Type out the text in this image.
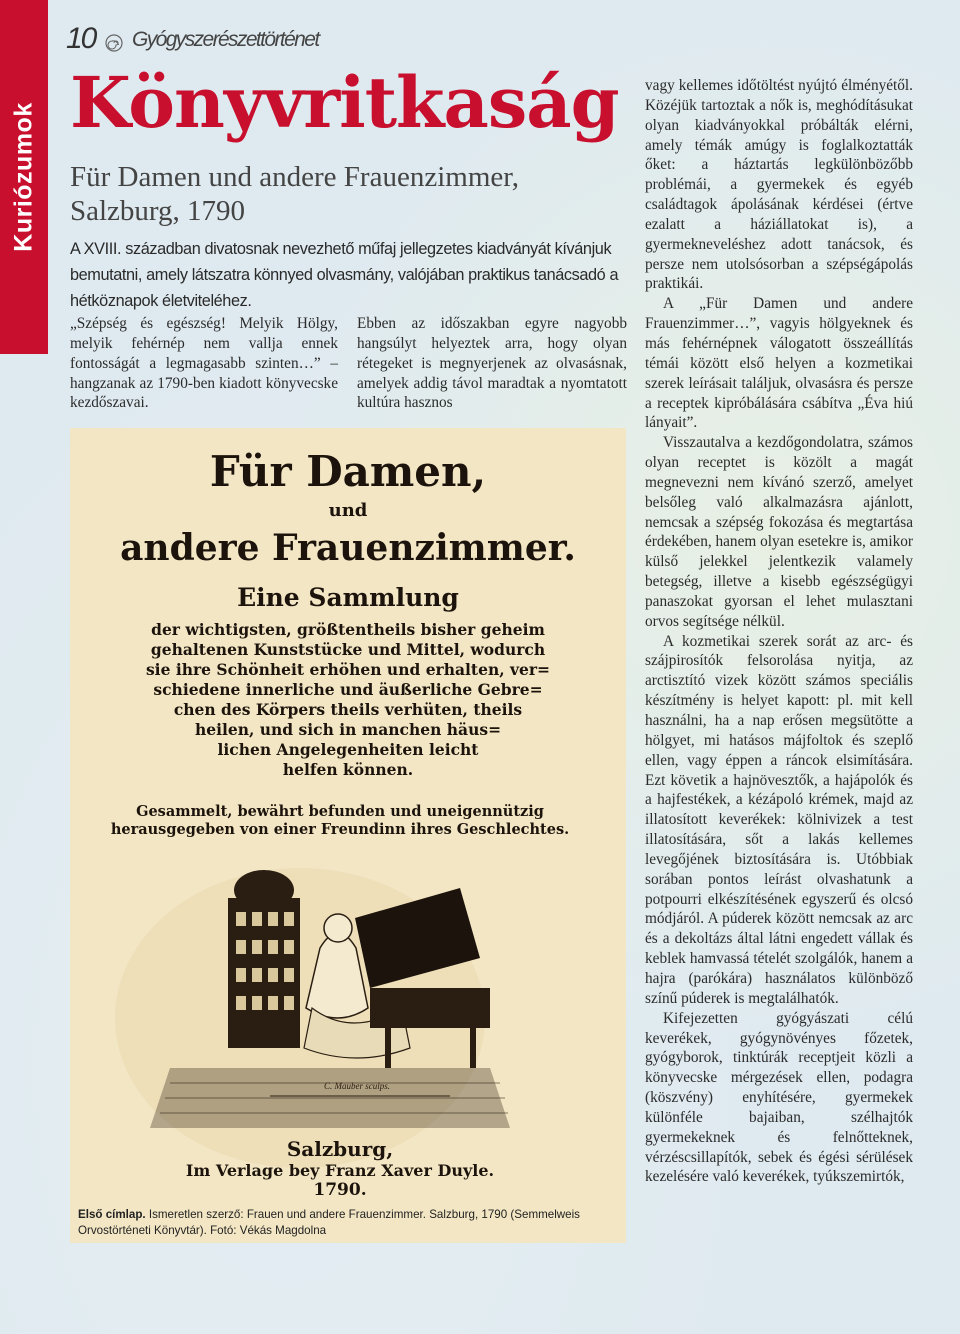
Kuriózumok
10 Gyógyszerészettörténet
Könyvritkaság
Für Damen und andere Frauenzimmer,
Salzburg, 1790
A XVIII. században divatosnak nevezhető műfaj jellegzetes kiadványát kívánjuk bemutatni, amely látszatra könnyed olvasmány, valójában praktikus tanácsadó a hétköznapok életviteléhez.

„Szépség és egészség! Melyik Hölgy, melyik fehérnép nem vallja ennek fontosságát a legmagasabb szinten…” – hangzanak az 1790-ben kiadott könyvecske kezdőszavai.

Ebben az időszakban egyre nagyobb hangsúlyt helyeztek arra, hogy olyan rétegeket is megnyerjenek az olvasásnak, amelyek addig távol maradtak a nyomtatott kultúra hasznos

vagy kellemes időtöltést nyújtó élményétől. Közéjük tartoztak a nők is, meghódításukat olyan kiadványokkal próbálták elérni, amely témák amúgy is foglalkoztatták őket: a háztartás legkülönbözőbb problémái, a gyermekek és egyéb családtagok ápolásának kérdései (értve ezalatt a háziállatokat is), a gyermekneveléshez adott tanácsok, és persze nem utolsósorban a szépségápolás praktikái.

A „Für Damen und andere Frauenzimmer…”, vagyis hölgyeknek és más fehérnépnek válogatott összeállítás témái között első helyen a kozmetikai szerek leírásait találjuk, olvasásra és persze a receptek kipróbálására csábítva „Éva hiú lányait”.

Visszautalva a kezdőgondolatra, számos olyan receptet is közölt a magát megnevezni nem kívánó szerző, amelyet belsőleg való alkalmazásra ajánlott, nemcsak a szépség fokozása és megtartása érdekében, hanem olyan esetekre is, amikor külső jelekkel jelentkezik valamely betegség, illetve a kisebb egészségügyi panaszokat gyorsan el lehet mulasztani orvos segítsége nélkül.

A kozmetikai szerek sorát az arc- és szájpirosítók felsorolása nyitja, az arctisztító vizek között számos speciális készítmény is helyet kapott: pl. mit kell használni, ha a nap erősen megsütötte a hölgyet, mi hatásos májfoltok és szeplő ellen, vagy éppen a ráncok elsimítására. Ezt követik a hajnövesztők, a hajápolók és a hajfestékek, a kézápoló krémek, majd az illatosított keverékek: kölnivizek a test illatosítására, sőt a lakás kellemes levegőjének biztosítására is. Utóbbiak sorában pontos leírást olvashatunk a potpourri elkészítésének egyszerű és olcsó módjáról. A púderek között nemcsak az arc és a dekoltázs által látni engedett vállak és keblek hamvassá tételét szolgálók, hanem a hajra (parókára) használatos különböző színű púderek is megtalálhatók.

Kifejezetten gyógyászati célú keverékek, gyógynövényes főzetek, gyógyborok, tinktúrák receptjeit közli a könyvecske mérgezések ellen, podagra (köszvény) enyhítésére, gyermekek különféle bajaiban, szélhajtók gyermekeknek és felnőtteknek, vérzéscsillapítók, sebek és égési sérülések kezelésére való keverékek, tyúkszemirtók,

Für Damen,
und
andere Frauenzimmer.
Eine Sammlung
der wichtigsten, größtentheils bisher geheim
gehaltenen Kunststücke und Mittel, wodurch
sie ihre Schönheit erhöhen und erhalten, ver=
schiedene innerliche und äußerliche Gebre=
chen des Körpers theils verhüten, theils
heilen, und sich in manchen häus=
lichen Angelegenheiten leicht
helfen können.
Gesammelt, bewährt befunden und uneigennützig
herausgegeben von einer Freundinn ihres Geschlechtes.
C. Mauber sculps.
Salzburg,
Im Verlage bey Franz Xaver Duyle.
1790.
Első címlap. Ismeretlen szerző: Frauen und andere Frauenzimmer. Salzburg, 1790 (Semmelweis Orvostörténeti Könyvtár). Fotó: Vékás Magdolna
